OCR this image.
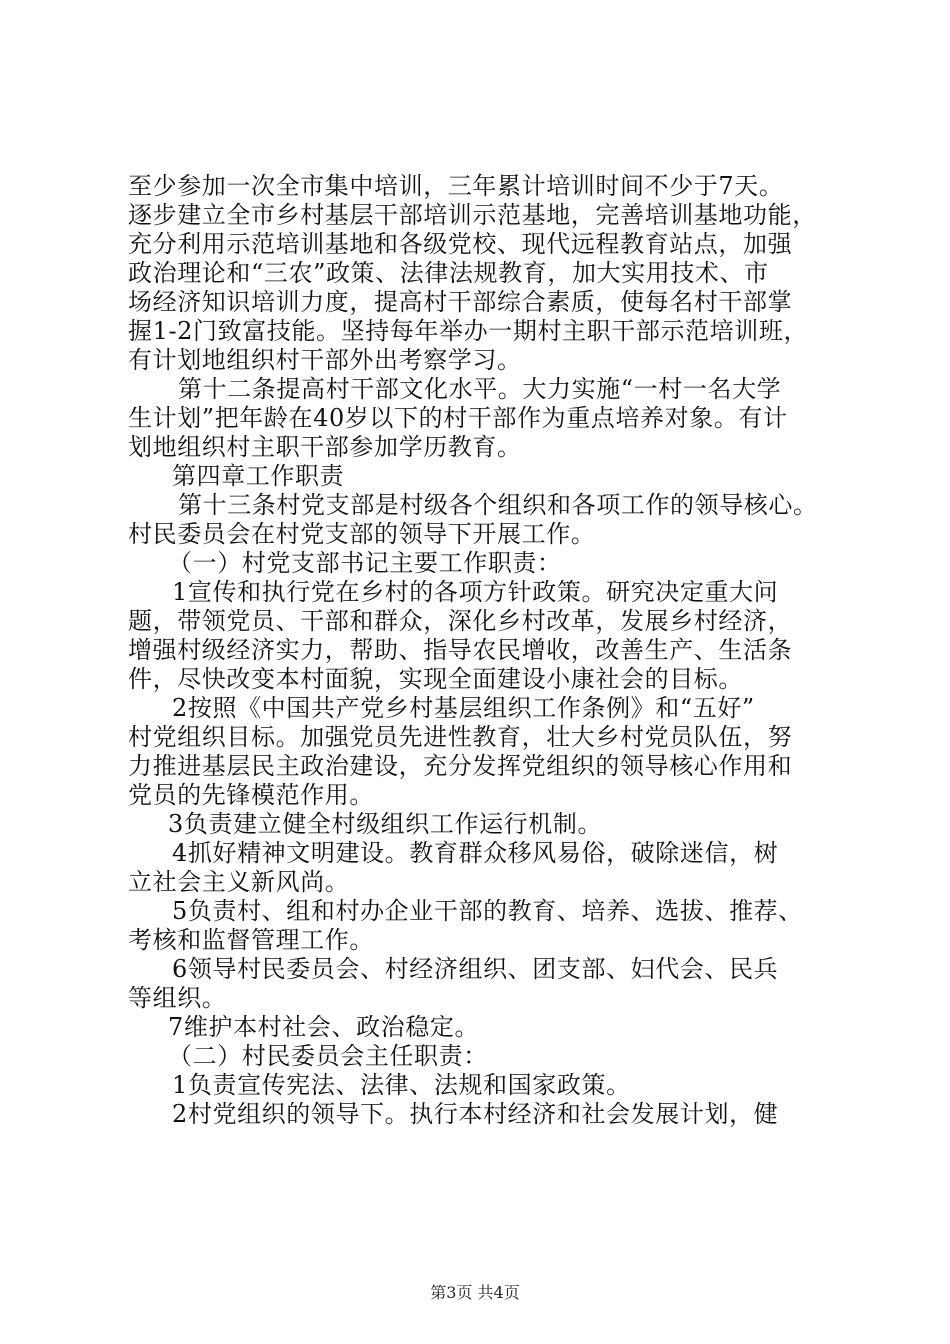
至少参加一次全市集中培训，三年累计培训时间不少于7天。
逐步建立全市乡村基层干部培训示范基地，完善培训基地功能，
充分利用示范培训基地和各级党校、现代远程教育站点，加强
政治理论和“三农”政策、法律法规教育，加大实用技术、市
场经济知识培训力度，提高村干部综合素质，使每名村干部掌
握1-2门致富技能。坚持每年举办一期村主职干部示范培训班，
有计划地组织村干部外出考察学习。
第十二条提高村干部文化水平。大力实施“一村一名大学
生计划”把年龄在40岁以下的村干部作为重点培养对象。有计
划地组织村主职干部参加学历教育。
第四章工作职责
第十三条村党支部是村级各个组织和各项工作的领导核心。
村民委员会在村党支部的领导下开展工作。
（一）村党支部书记主要工作职责：
1宣传和执行党在乡村的各项方针政策。研究决定重大问
题，带领党员、干部和群众，深化乡村改革，发展乡村经济，
增强村级经济实力，帮助、指导农民增收，改善生产、生活条
件，尽快改变本村面貌，实现全面建设小康社会的目标。
2按照《中国共产党乡村基层组织工作条例》和“五好”
村党组织目标。加强党员先进性教育，壮大乡村党员队伍，努
力推进基层民主政治建设，充分发挥党组织的领导核心作用和
党员的先锋模范作用。
3负责建立健全村级组织工作运行机制。
4抓好精神文明建设。教育群众移风易俗，破除迷信，树
立社会主义新风尚。
5负责村、组和村办企业干部的教育、培养、选拔、推荐、
考核和监督管理工作。
6领导村民委员会、村经济组织、团支部、妇代会、民兵
等组织。
7维护本村社会、政治稳定。
（二）村民委员会主任职责：
1负责宣传宪法、法律、法规和国家政策。
2村党组织的领导下。执行本村经济和社会发展计划，健
第3页 共4页
